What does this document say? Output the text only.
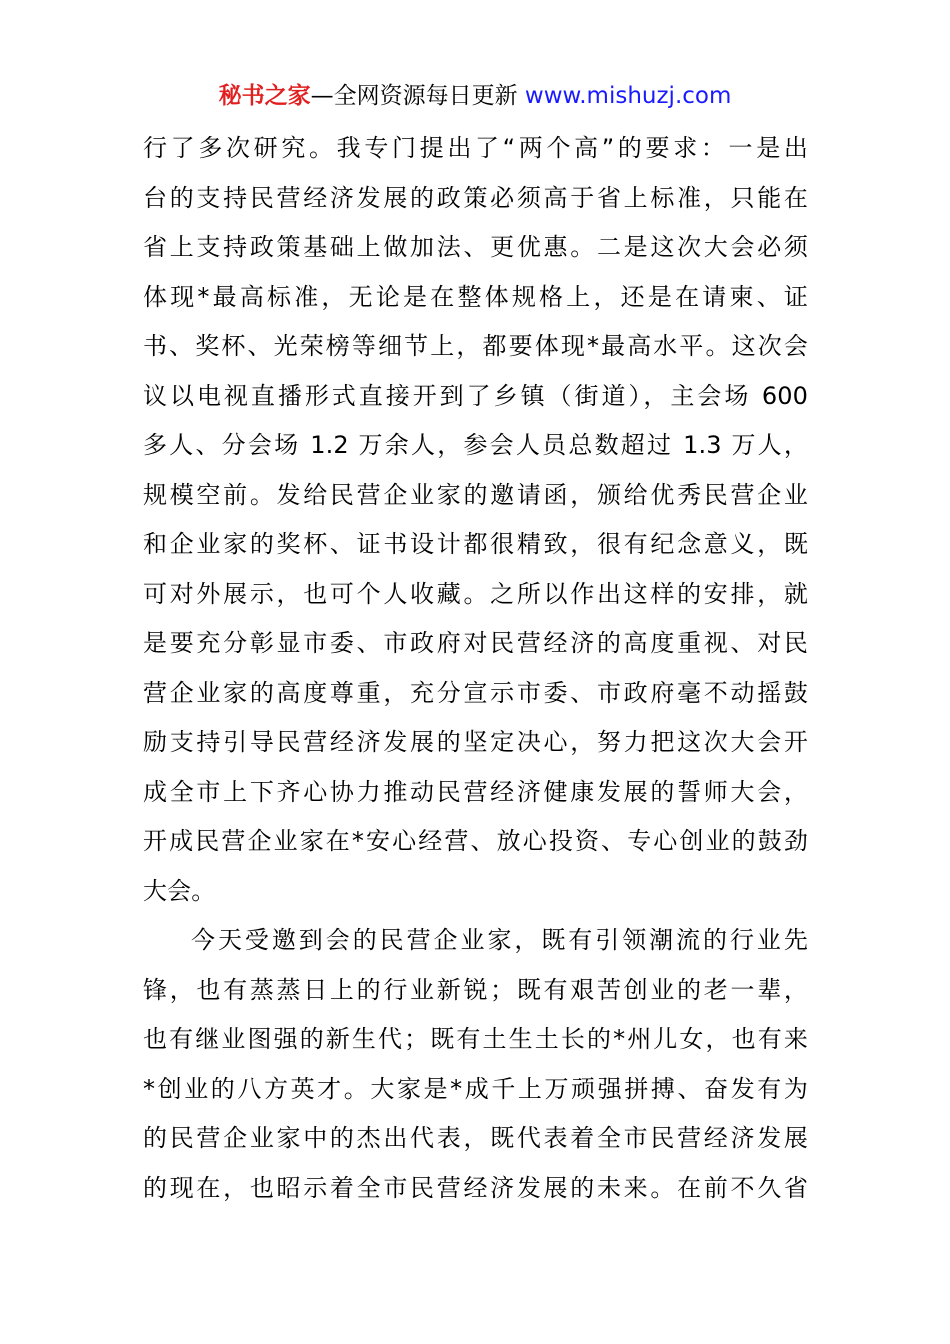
秘书之家—全网资源每日更新 www.mishuzj.com
行了多次研究。我专门提出了“两个高”的要求：一是出
台的支持民营经济发展的政策必须高于省上标准，只能在
省上支持政策基础上做加法、更优惠。二是这次大会必须
体现*最高标准，无论是在整体规格上，还是在请柬、证
书、奖杯、光荣榜等细节上，都要体现*最高水平。这次会
议以电视直播形式直接开到了乡镇（街道），主会场 600
多人、分会场 1.2 万余人，参会人员总数超过 1.3 万人，
规模空前。发给民营企业家的邀请函，颁给优秀民营企业
和企业家的奖杯、证书设计都很精致，很有纪念意义，既
可对外展示，也可个人收藏。之所以作出这样的安排，就
是要充分彰显市委、市政府对民营经济的高度重视、对民
营企业家的高度尊重，充分宣示市委、市政府毫不动摇鼓
励支持引导民营经济发展的坚定决心，努力把这次大会开
成全市上下齐心协力推动民营经济健康发展的誓师大会，
开成民营企业家在*安心经营、放心投资、专心创业的鼓劲
大会。
今天受邀到会的民营企业家，既有引领潮流的行业先
锋，也有蒸蒸日上的行业新锐；既有艰苦创业的老一辈，
也有继业图强的新生代；既有土生土长的*州儿女，也有来
*创业的八方英才。大家是*成千上万顽强拼搏、奋发有为
的民营企业家中的杰出代表，既代表着全市民营经济发展
的现在，也昭示着全市民营经济发展的未来。在前不久省
